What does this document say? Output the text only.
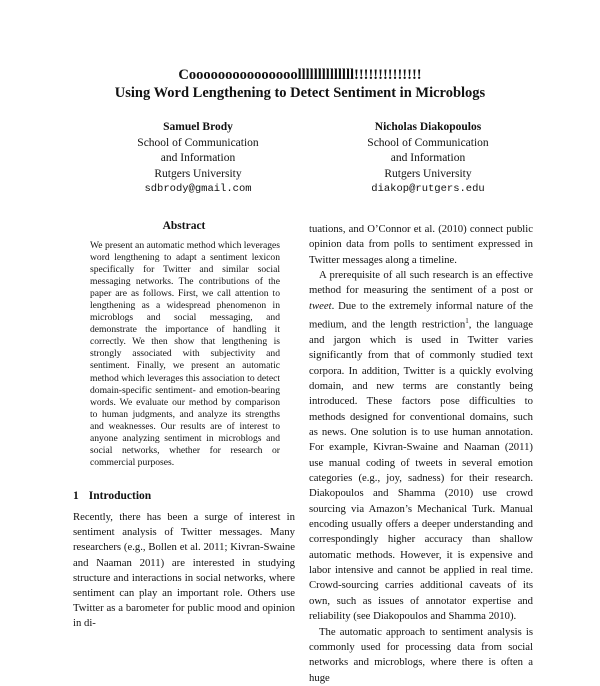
Cooooooooooooooollllllllllllll!!!!!!!!!!!!!!
Using Word Lengthening to Detect Sentiment in Microblogs
Samuel Brody
School of Communication
and Information
Rutgers University
sdbrody@gmail.com
Nicholas Diakopoulos
School of Communication
and Information
Rutgers University
diakop@rutgers.edu
Abstract

We present an automatic method which leverages word lengthening to adapt a sentiment lexicon specifically for Twitter and similar social messaging networks. The contributions of the paper are as follows. First, we call attention to lengthening as a widespread phenomenon in microblogs and social messaging, and demonstrate the importance of handling it correctly. We then show that lengthening is strongly associated with subjectivity and sentiment. Finally, we present an automatic method which leverages this association to detect domain-specific sentiment- and emotion-bearing words. We evaluate our method by comparison to human judgments, and analyze its strengths and weaknesses. Our results are of interest to anyone analyzing sentiment in microblogs and social networks, whether for research or commercial purposes.

1 Introduction

Recently, there has been a surge of interest in sentiment analysis of Twitter messages. Many researchers (e.g., Bollen et al. 2011; Kivran-Swaine and Naaman 2011) are interested in studying structure and interactions in social networks, where sentiment can play an important role. Others use Twitter as a barometer for public mood and opinion in di-

tuations, and O’Connor et al. (2010) connect public opinion data from polls to sentiment expressed in Twitter messages along a timeline.

A prerequisite of all such research is an effective method for measuring the sentiment of a post or tweet. Due to the extremely informal nature of the medium, and the length restriction$^1$, the language and jargon which is used in Twitter varies significantly from that of commonly studied text corpora. In addition, Twitter is a quickly evolving domain, and new terms are constantly being introduced. These factors pose difficulties to methods designed for conventional domains, such as news. One solution is to use human annotation. For example, Kivran-Swaine and Naaman (2011) use manual coding of tweets in several emotion categories (e.g., joy, sadness) for their research. Diakopoulos and Shamma (2010) use crowd sourcing via Amazon’s Mechanical Turk. Manual encoding usually offers a deeper understanding and correspondingly higher accuracy than shallow automatic methods. However, it is expensive and labor intensive and cannot be applied in real time. Crowd-sourcing carries additional caveats of its own, such as issues of annotator expertise and reliability (see Diakopoulos and Shamma 2010).

The automatic approach to sentiment analysis is commonly used for processing data from social networks and microblogs, where there is often a huge
